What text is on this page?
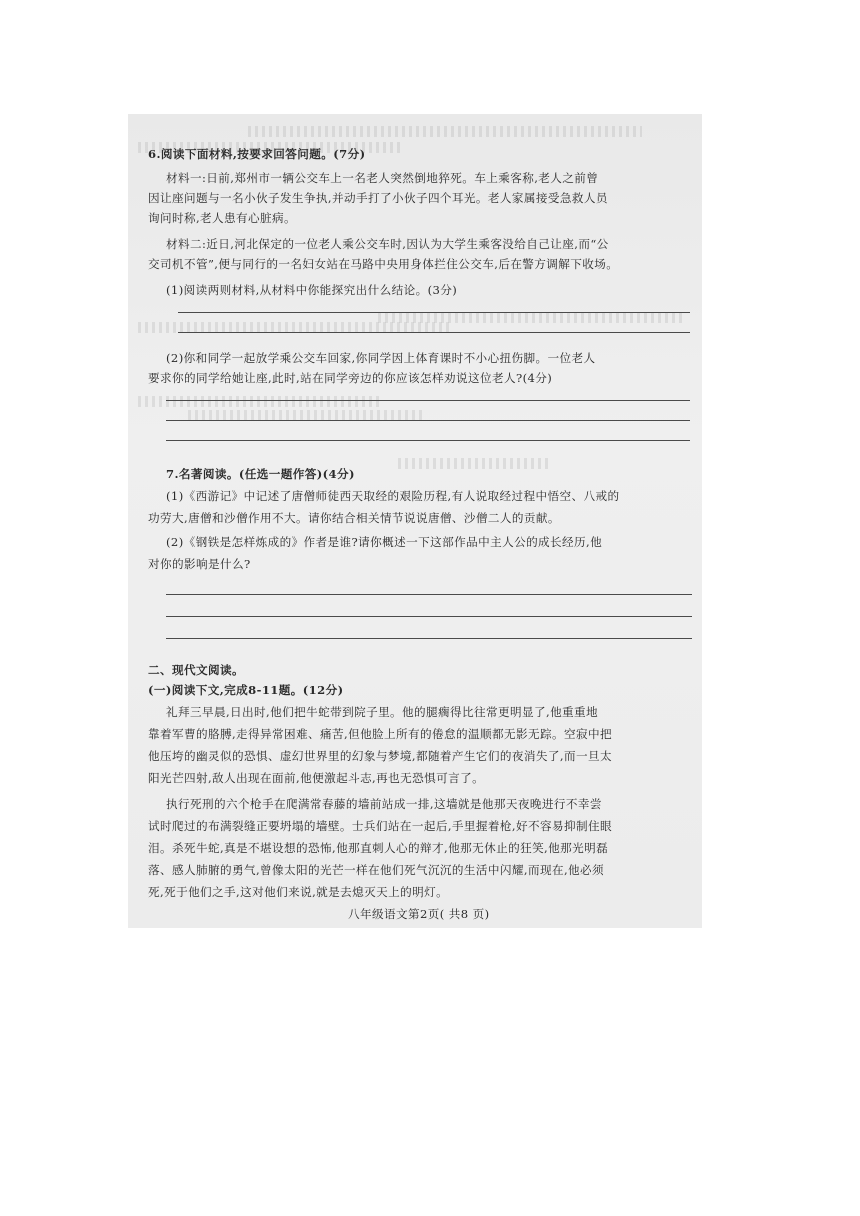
6.阅读下面材料,按要求回答问题。(7分)
材料一:日前,郑州市一辆公交车上一名老人突然倒地猝死。车上乘客称,老人之前曾
因让座问题与一名小伙子发生争执,并动手打了小伙子四个耳光。老人家属接受急救人员
询问时称,老人患有心脏病。
材料二:近日,河北保定的一位老人乘公交车时,因认为大学生乘客没给自己让座,而“公
交司机不管”,便与同行的一名妇女站在马路中央用身体拦住公交车,后在警方调解下收场。
(1)阅读两则材料,从材料中你能探究出什么结论。(3分)
(2)你和同学一起放学乘公交车回家,你同学因上体育课时不小心扭伤脚。一位老人
要求你的同学给她让座,此时,站在同学旁边的你应该怎样劝说这位老人?(4分)
7.名著阅读。(任选一题作答)(4分)
(1)《西游记》中记述了唐僧师徒西天取经的艰险历程,有人说取经过程中悟空、八戒的
功劳大,唐僧和沙僧作用不大。请你结合相关情节说说唐僧、沙僧二人的贡献。
(2)《钢铁是怎样炼成的》作者是谁?请你概述一下这部作品中主人公的成长经历,他
对你的影响是什么?
二、现代文阅读。
(一)阅读下文,完成8-11题。(12分)
礼拜三早晨,日出时,他们把牛蛇带到院子里。他的腿瘸得比往常更明显了,他重重地
靠着军曹的胳膊,走得异常困难、痛苦,但他脸上所有的倦怠的温顺都无影无踪。空寂中把
他压垮的幽灵似的恐惧、虚幻世界里的幻象与梦境,都随着产生它们的夜消失了,而一旦太
阳光芒四射,敌人出现在面前,他便激起斗志,再也无恐惧可言了。
执行死刑的六个枪手在爬满常春藤的墙前站成一排,这墙就是他那天夜晚进行不幸尝
试时爬过的布满裂缝正要坍塌的墙壁。士兵们站在一起后,手里握着枪,好不容易抑制住眼
泪。杀死牛蛇,真是不堪设想的恐怖,他那直刺人心的辩才,他那无休止的狂笑,他那光明磊
落、感人肺腑的勇气,曾像太阳的光芒一样在他们死气沉沉的生活中闪耀,而现在,他必须
死,死于他们之手,这对他们来说,就是去熄灭天上的明灯。
八年级语文第2页( 共8 页)
